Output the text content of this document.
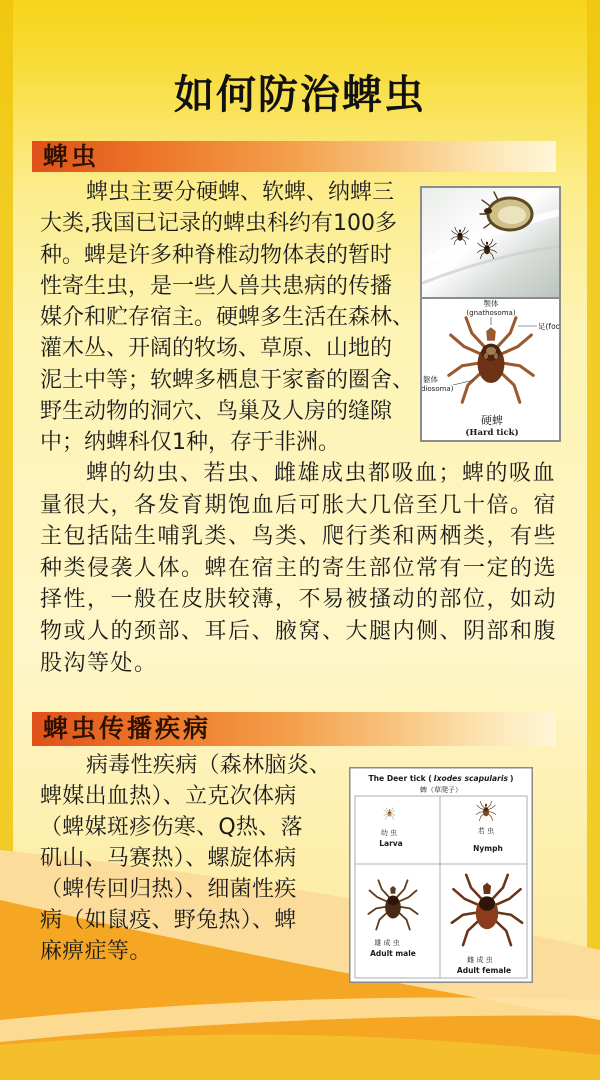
如何防治蜱虫
蜱虫
蜱虫主要分硬蜱、软蜱、纳蜱三
大类,我国已记录的蜱虫科约有100多
种。蜱是许多种脊椎动物体表的暂时
性寄生虫，是一些人兽共患病的传播
媒介和贮存宿主。硬蜱多生活在森林、
灌木丛、开阔的牧场、草原、山地的
泥土中等；软蜱多栖息于家畜的圈舍、
野生动物的洞穴、鸟巢及人房的缝隙
中；纳蜱科仅1种，存于非洲。
蜱的幼虫、若虫、雌雄成虫都吸血；蜱的吸血
量很大，各发育期饱血后可胀大几倍至几十倍。宿
主包括陆生哺乳类、鸟类、爬行类和两栖类，有些
种类侵袭人体。蜱在宿主的寄生部位常有一定的选
择性，一般在皮肤较薄，不易被搔动的部位，如动
物或人的颈部、耳后、腋窝、大腿内侧、阴部和腹
股沟等处。
颚体
(gnathosoma)
足(foo
躯体
diosoma)
硬蜱
(Hard tick)
蜱虫传播疾病
病毒性疾病（森林脑炎、
蜱媒出血热）、立克次体病
（蜱媒斑疹伤寒、Q热、落
矶山、马赛热）、螺旋体病
（蜱传回归热）、细菌性疾
病（如鼠疫、野兔热）、蜱
麻痹症等。
The Deer tick ( Ixodes scapularis )
蜱（草爬子）
幼 虫
Larva
若 虫
Nymph
雄 成 虫
Adult male
雌 成 虫
Adult female
